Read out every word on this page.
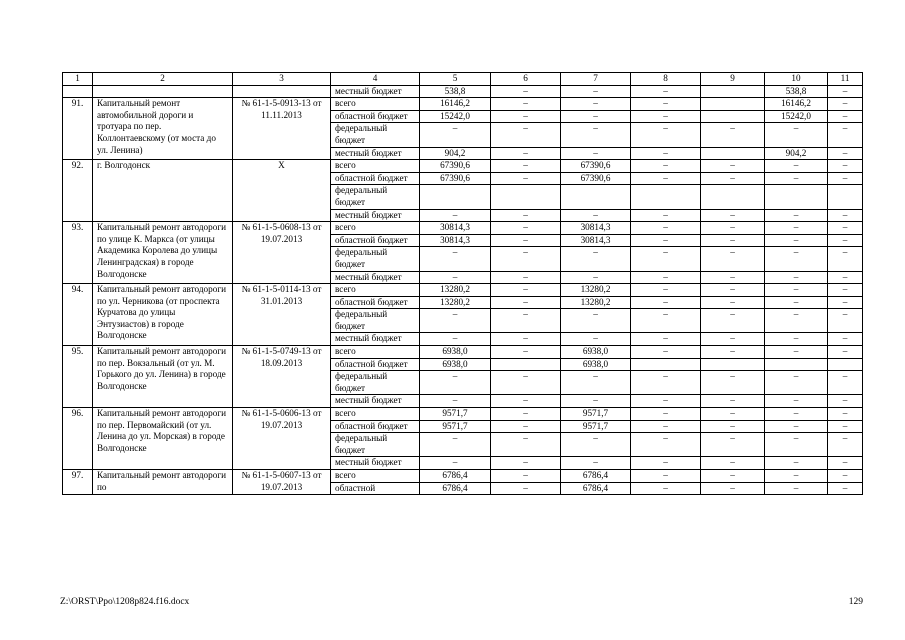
1	2	3	4	5	6	7	8	9	10	11
			местный бюджет	538,8	–	–	–		538,8	–
91.	Капитальный ремонт автомобильной дороги и тротуара по пер. Коллонтаевскому (от моста до ул. Ленина)	№ 61-1-5-0913-13 от 11.11.2013	всего	16146,2	–	–	–		16146,2	–
			областной бюджет	15242,0	–	–	–		15242,0	–
			федеральный бюджет	–	–	–	–	–	–	–
			местный бюджет	904,2	–	–	–		904,2	–
92.	г. Волгодонск	Х	всего	67390,6	–	67390,6	–	–	–	–
			областной бюджет	67390,6	–	67390,6	–	–	–	–
			федеральный бюджет							
			местный бюджет	–	–	–	–	–	–	–
93.	Капитальный ремонт автодороги по улице К. Маркса (от улицы Академика Королева до улицы Ленинградская) в городе Волгодонске	№ 61-1-5-0608-13 от 19.07.2013	всего	30814,3	–	30814,3	–	–	–	–
			областной бюджет	30814,3	–	30814,3	–	–	–	–
			федеральный бюджет	–	–	–	–	–	–	–
			местный бюджет	–	–	–	–	–	–	–
94.	Капитальный ремонт автодороги по ул. Черникова (от проспекта Курчатова до улицы Энтузиастов) в городе Волгодонске	№ 61-1-5-0114-13 от 31.01.2013	всего	13280,2	–	13280,2	–	–	–	–
			областной бюджет	13280,2	–	13280,2	–	–	–	–
			федеральный бюджет	–	–	–	–	–	–	–
			местный бюджет	–	–	–	–	–	–	–
95.	Капитальный ремонт автодороги по пер. Вокзальный (от ул. М. Горького до ул. Ленина) в городе Волгодонске	№ 61-1-5-0749-13 от 18.09.2013	всего	6938,0	–	6938,0	–	–	–	–
			областной бюджет	6938,0		6938,0				
			федеральный бюджет	–	–	–	–	–	–	–
			местный бюджет	–	–	–	–	–	–	–
96.	Капитальный ремонт автодороги по пер. Первомайский (от ул. Ленина до ул. Морская) в городе Волгодонске	№ 61-1-5-0606-13 от 19.07.2013	всего	9571,7	–	9571,7	–	–	–	–
			областной бюджет	9571,7	–	9571,7	–	–	–	–
			федеральный бюджет	–	–	–	–	–	–	–
			местный бюджет	–	–	–	–	–	–	–
97.	Капитальный ремонт автодороги по	№ 61-1-5-0607-13 от 19.07.2013	всего	6786,4	–	6786,4	–	–	–	–
			областной	6786,4	–	6786,4	–	–	–	–
Z:\ORST\Ppo\1208p824.f16.docx	129
